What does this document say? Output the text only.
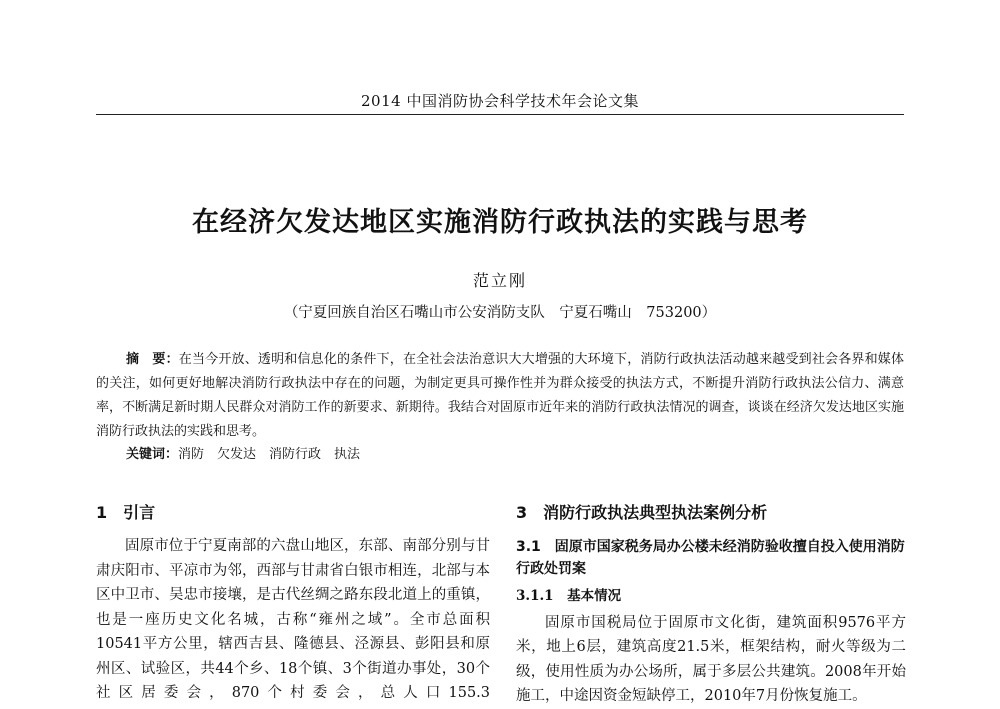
2014 中国消防协会科学技术年会论文集
在经济欠发达地区实施消防行政执法的实践与思考
范立刚
（宁夏回族自治区石嘴山市公安消防支队　宁夏石嘴山　753200）
摘　要：在当今开放、透明和信息化的条件下，在全社会法治意识大大增强的大环境下，消防行政执法活动越来越受到社会各界和媒体的关注，如何更好地解决消防行政执法中存在的问题，为制定更具可操作性并为群众接受的执法方式，不断提升消防行政执法公信力、满意率，不断满足新时期人民群众对消防工作的新要求、新期待。我结合对固原市近年来的消防行政执法情况的调查，谈谈在经济欠发达地区实施消防行政执法的实践和思考。
关键词：消防　欠发达　消防行政　执法
1　引言

固原市位于宁夏南部的六盘山地区，东部、南部分别与甘肃庆阳市、平凉市为邻，西部与甘肃省白银市相连，北部与本区中卫市、吴忠市接壤，是古代丝绸之路东段北道上的重镇，也是一座历史文化名城，古称“雍州之域”。全市总面积10541平方公里，辖西吉县、隆德县、泾源县、彭阳县和原州区、试验区，共44个乡、18个镇、3个街道办事处，30个社区居委会，870个村委会，总人口155.3

3　消防行政执法典型执法案例分析
3.1　固原市国家税务局办公楼未经消防验收擅自投入使用消防行政处罚案
3.1.1　基本情况

固原市国税局位于固原市文化街，建筑面积9576平方米，地上6层，建筑高度21.5米，框架结构，耐火等级为二级，使用性质为办公场所，属于多层公共建筑。2008年开始施工，中途因资金短缺停工，2010年7月份恢复施工。
